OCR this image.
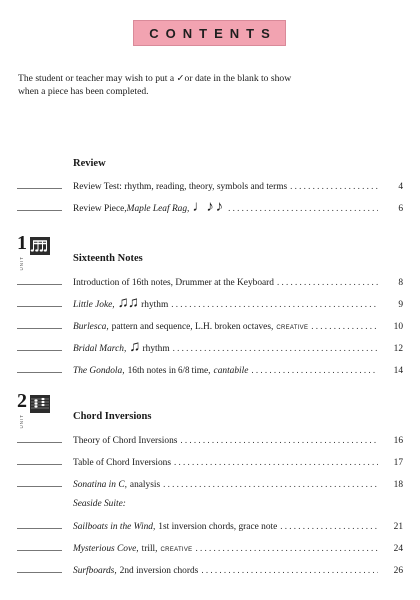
CONTENTS
The student or teacher may wish to put a ✓or date in the blank to show
when a piece has been completed.
Review
Review Test: rhythm, reading, theory, symbols and terms . . .	4
Review Piece, Maple Leaf Rag, ♩♪ ♪ . . .	6
1
UNIT	Sixteenth Notes
Introduction of 16th notes, Drummer at the Keyboard . . .	8
Little Joke, ♫♫ rhythm . . .	9
Burlesca, pattern and sequence, L.H. broken octaves, CREATIVE . . .	10
Bridal March, ♫ rhythm . . .	12
The Gondola, 16th notes in 6/8 time, cantabile . . .	14
2
UNIT	Chord Inversions
Theory of Chord Inversions . . .	16
Table of Chord Inversions . . .	17
Sonatina in C, analysis . . .	18
Seaside Suite:
Sailboats in the Wind, 1st inversion chords, grace note . . .	21
Mysterious Cove, trill, CREATIVE . . .	24
Surfboards, 2nd inversion chords . . .	26
